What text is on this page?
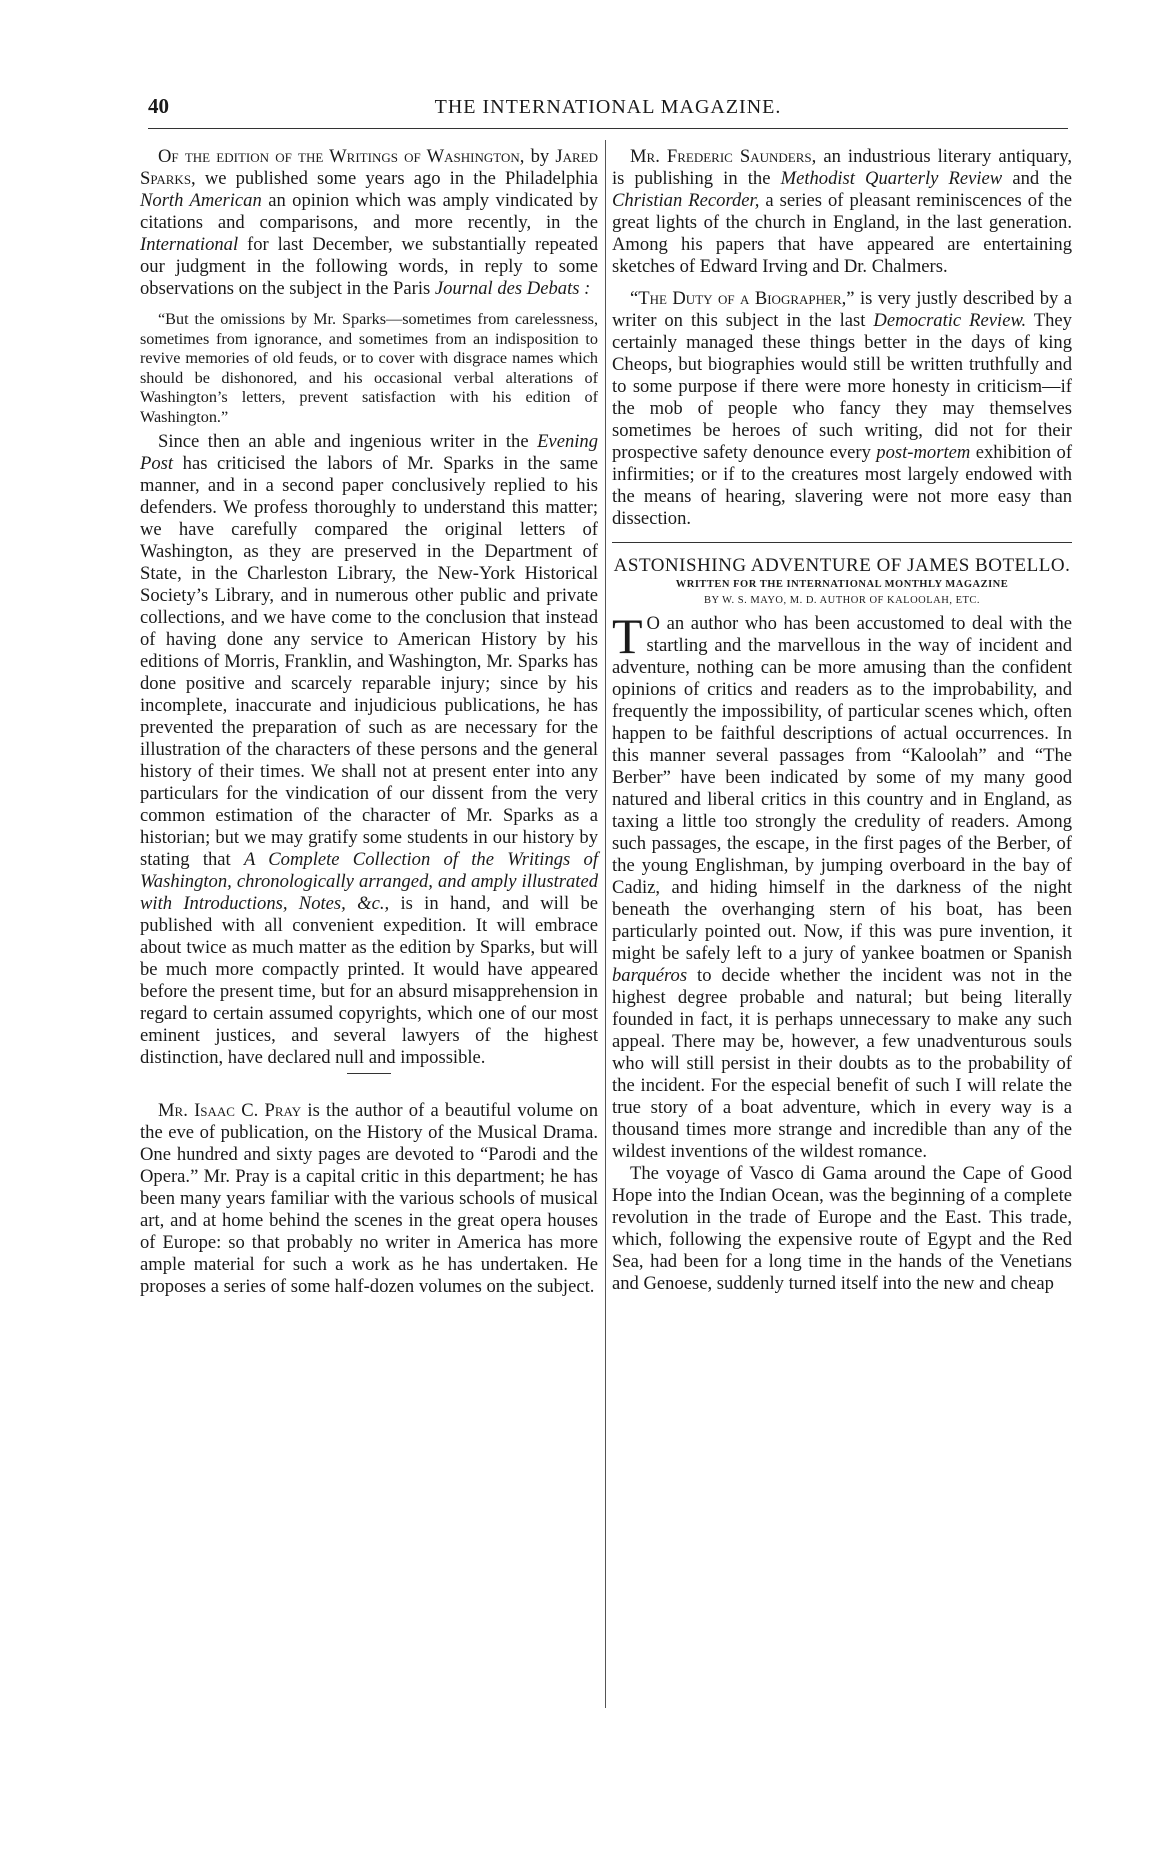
40	THE INTERNATIONAL MAGAZINE.

Of the edition of the Writings of Washington, by Jared Sparks, we published some years ago in the Philadelphia North American an opinion which was amply vindicated by citations and comparisons, and more recently, in the International for last December, we substantially repeated our judgment in the following words, in reply to some observations on the subject in the Paris Journal des Debats :

“But the omissions by Mr. Sparks—sometimes from carelessness, sometimes from ignorance, and sometimes from an indisposition to revive memories of old feuds, or to cover with disgrace names which should be dishonored, and his occasional verbal alterations of Washington’s letters, prevent satisfaction with his edition of Washington.”

Since then an able and ingenious writer in the Evening Post has criticised the labors of Mr. Sparks in the same manner, and in a second paper conclusively replied to his defenders. We profess thoroughly to understand this matter; we have carefully compared the original letters of Washington, as they are preserved in the Department of State, in the Charleston Library, the New-York Historical Society’s Library, and in numerous other public and private collections, and we have come to the conclusion that instead of having done any service to American History by his editions of Morris, Franklin, and Washington, Mr. Sparks has done positive and scarcely reparable injury; since by his incomplete, inaccurate and injudicious publications, he has prevented the preparation of such as are necessary for the illustration of the characters of these persons and the general history of their times. We shall not at present enter into any particulars for the vindication of our dissent from the very common estimation of the character of Mr. Sparks as a historian; but we may gratify some students in our history by stating that A Complete Collection of the Writings of Washington, chronologically arranged, and amply illustrated with Introductions, Notes, &c., is in hand, and will be published with all convenient expedition. It will embrace about twice as much matter as the edition by Sparks, but will be much more compactly printed. It would have appeared before the present time, but for an absurd misapprehension in regard to certain assumed copyrights, which one of our most eminent justices, and several lawyers of the highest distinction, have declared null and impossible.

Mr. Isaac C. Pray is the author of a beautiful volume on the eve of publication, on the History of the Musical Drama. One hundred and sixty pages are devoted to “Parodi and the Opera.” Mr. Pray is a capital critic in this department; he has been many years familiar with the various schools of musical art, and at home behind the scenes in the great opera houses of Europe: so that probably no writer in America has more ample material for such a work as he has undertaken. He proposes a series of some half-dozen volumes on the subject.

Mr. Frederic Saunders, an industrious literary antiquary, is publishing in the Methodist Quarterly Review and the Christian Recorder, a series of pleasant reminiscences of the great lights of the church in England, in the last generation. Among his papers that have appeared are entertaining sketches of Edward Irving and Dr. Chalmers.

“The Duty of a Biographer,” is very justly described by a writer on this subject in the last Democratic Review. They certainly managed these things better in the days of king Cheops, but biographies would still be written truthfully and to some purpose if there were more honesty in criticism—if the mob of people who fancy they may themselves sometimes be heroes of such writing, did not for their prospective safety denounce every post-mortem exhibition of infirmities; or if to the creatures most largely endowed with the means of hearing, slavering were not more easy than dissection.

ASTONISHING ADVENTURE OF JAMES BOTELLO.

WRITTEN FOR THE INTERNATIONAL MONTHLY MAGAZINE

BY W. S. MAYO, M. D. AUTHOR OF KALOOLAH, ETC.

T O an author who has been accustomed to deal with the startling and the marvellous in the way of incident and adventure, nothing can be more amusing than the confident opinions of critics and readers as to the improbability, and frequently the impossibility, of particular scenes which, often happen to be faithful descriptions of actual occurrences. In this manner several passages from “Kaloolah” and “The Berber” have been indicated by some of my many good natured and liberal critics in this country and in England, as taxing a little too strongly the credulity of readers. Among such passages, the escape, in the first pages of the Berber, of the young Englishman, by jumping overboard in the bay of Cadiz, and hiding himself in the darkness of the night beneath the overhanging stern of his boat, has been particularly pointed out. Now, if this was pure invention, it might be safely left to a jury of yankee boatmen or Spanish barquéros to decide whether the incident was not in the highest degree probable and natural; but being literally founded in fact, it is perhaps unnecessary to make any such appeal. There may be, however, a few unadventurous souls who will still persist in their doubts as to the probability of the incident. For the especial benefit of such I will relate the true story of a boat adventure, which in every way is a thousand times more strange and incredible than any of the wildest inventions of the wildest romance.

The voyage of Vasco di Gama around the Cape of Good Hope into the Indian Ocean, was the beginning of a complete revolution in the trade of Europe and the East. This trade, which, following the expensive route of Egypt and the Red Sea, had been for a long time in the hands of the Venetians and Genoese, suddenly turned itself into the new and cheap
